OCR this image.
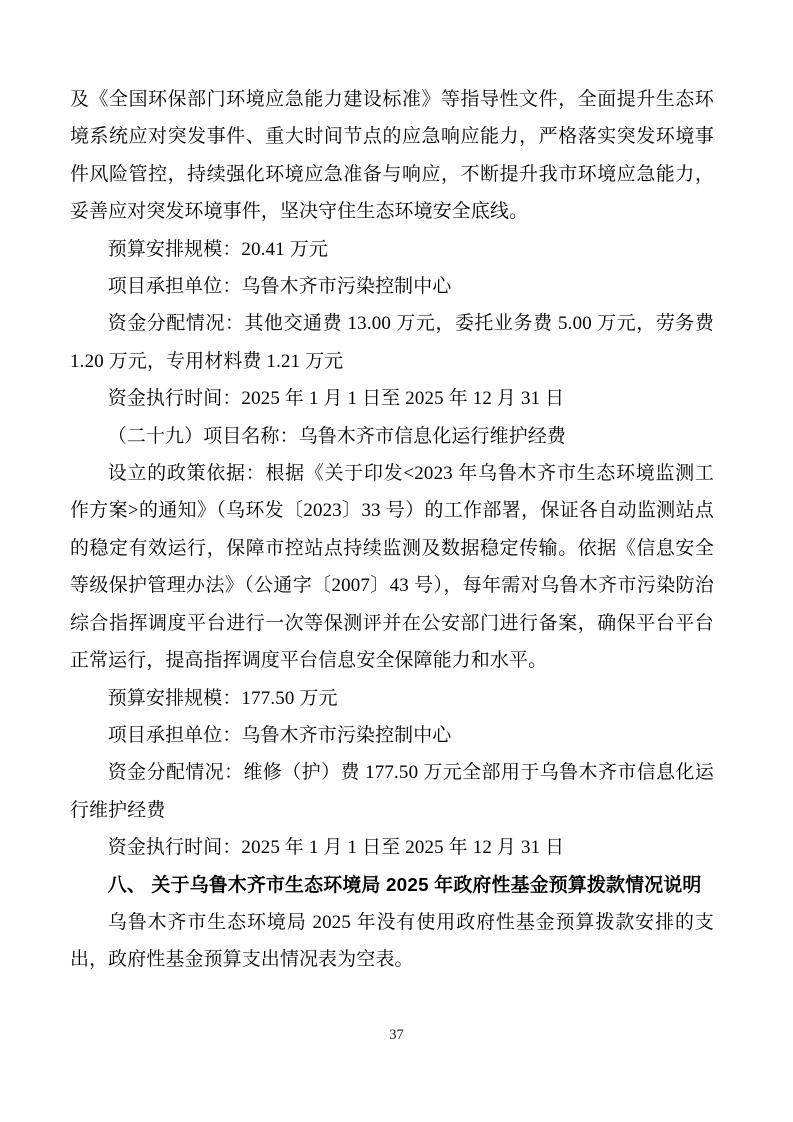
及《全国环保部门环境应急能力建设标准》等指导性文件，全面提升生态环境系统应对突发事件、重大时间节点的应急响应能力，严格落实突发环境事件风险管控，持续强化环境应急准备与响应，不断提升我市环境应急能力，妥善应对突发环境事件，坚决守住生态环境安全底线。

预算安排规模：20.41 万元

项目承担单位：乌鲁木齐市污染控制中心

资金分配情况：其他交通费 13.00 万元，委托业务费 5.00 万元，劳务费 1.20 万元，专用材料费 1.21 万元

资金执行时间：2025 年 1 月 1 日至 2025 年 12 月 31 日

（二十九）项目名称：乌鲁木齐市信息化运行维护经费

设立的政策依据：根据《关于印发<2023 年乌鲁木齐市生态环境监测工作方案>的通知》（乌环发〔2023〕33 号）的工作部署，保证各自动监测站点的稳定有效运行，保障市控站点持续监测及数据稳定传输。依据《信息安全等级保护管理办法》（公通字〔2007〕43 号），每年需对乌鲁木齐市污染防治综合指挥调度平台进行一次等保测评并在公安部门进行备案，确保平台平台正常运行，提高指挥调度平台信息安全保障能力和水平。

预算安排规模：177.50 万元

项目承担单位：乌鲁木齐市污染控制中心

资金分配情况：维修（护）费 177.50 万元全部用于乌鲁木齐市信息化运行维护经费

资金执行时间：2025 年 1 月 1 日至 2025 年 12 月 31 日

八、 关于乌鲁木齐市生态环境局 2025 年政府性基金预算拨款情况说明

乌鲁木齐市生态环境局 2025 年没有使用政府性基金预算拨款安排的支出，政府性基金预算支出情况表为空表。

37
